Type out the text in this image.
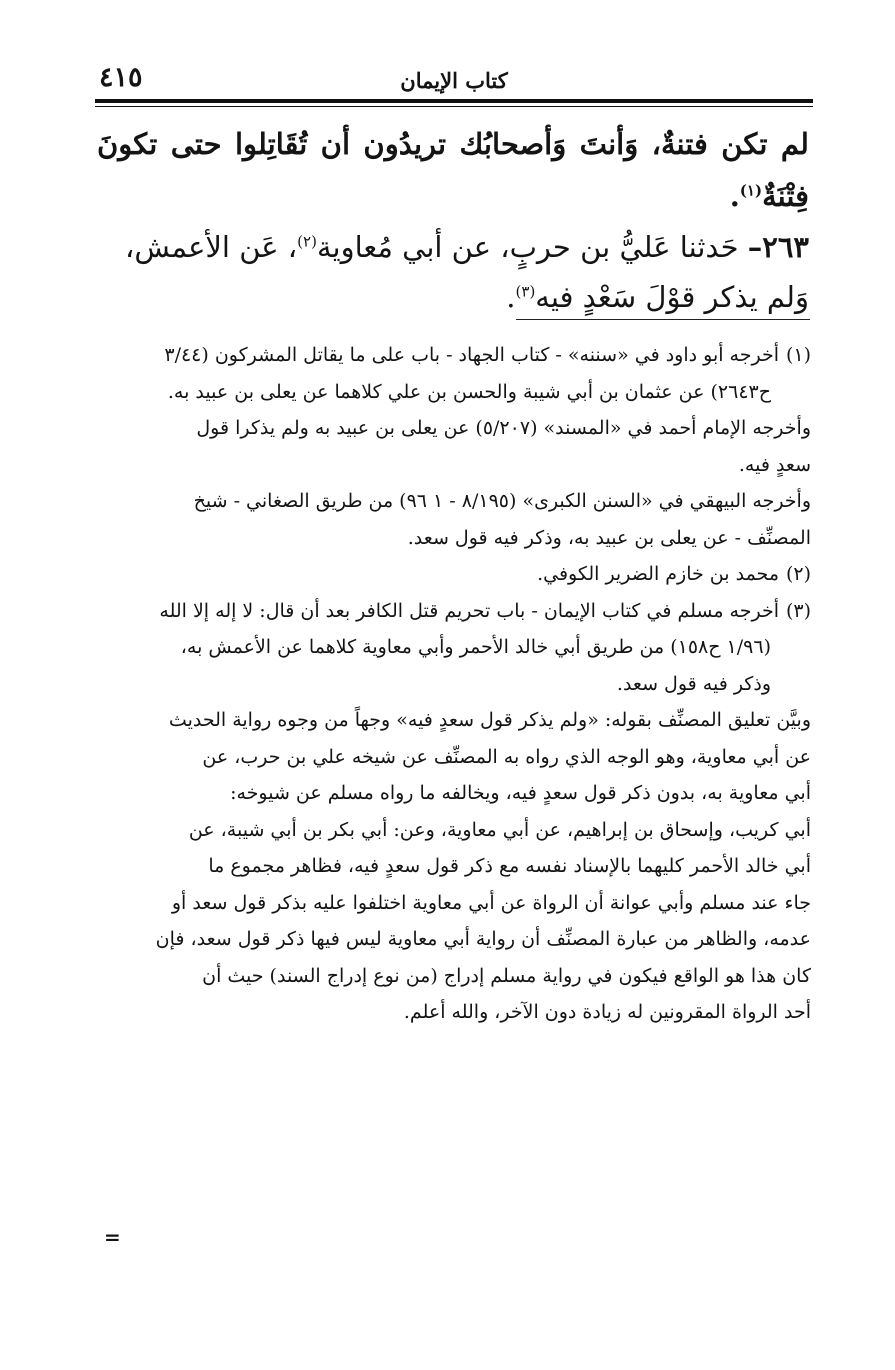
٤١٥	كتاب الإيمان

لم تكن فتنةٌ، وَأنتَ وَأصحابُك تريدُون أن تُقَاتِلوا حتى تكونَ فِتْنَةٌ$^{(١)}$.

٢٦٣– حَدثنا عَليُّ بن حربٍ، عن أبي مُعاوية$^{(٢)}$، عَن الأعمش،

وَلم يذكر قوْلَ سَعْدٍ فيه$^{(٣)}$.

(١)أخرجه أبو داود في «سننه» - كتاب الجهاد - باب على ما يقاتل المشركون (٣/٤٤

ح٢٦٤٣) عن عثمان بن أبي شيبة والحسن بن علي كلاهما عن يعلى بن عبيد به.

وأخرجه الإمام أحمد في «المسند» (٥/٢٠٧) عن يعلى بن عبيد به ولم يذكرا قول

سعدٍ فيه.

وأخرجه البيهقي في «السنن الكبرى» (٨/١٩٥ - ١ ٩٦) من طريق الصغاني - شيخ

المصنِّف - عن يعلى بن عبيد به، وذكر فيه قول سعد.

(٢)محمد بن خازم الضرير الكوفي.

(٣)أخرجه مسلم في كتاب الإيمان - باب تحريم قتل الكافر بعد أن قال: لا إله إلا الله

(١/٩٦ ح١٥٨) من طريق أبي خالد الأحمر وأبي معاوية كلاهما عن الأعمش به،

وذكر فيه قول سعد.

وبيَّن تعليق المصنِّف بقوله: «ولم يذكر قول سعدٍ فيه» وجهاً من وجوه رواية الحديث

عن أبي معاوية، وهو الوجه الذي رواه به المصنِّف عن شيخه علي بن حرب، عن

أبي معاوية به، بدون ذكر قول سعدٍ فيه، ويخالفه ما رواه مسلم عن شيوخه:

أبي كريب، وإسحاق بن إبراهيم، عن أبي معاوية، وعن: أبي بكر بن أبي شيبة، عن

أبي خالد الأحمر كليهما بالإسناد نفسه مع ذكر قول سعدٍ فيه، فظاهر مجموع ما

جاء عند مسلم وأبي عوانة أن الرواة عن أبي معاوية اختلفوا عليه بذكر قول سعد أو

عدمه، والظاهر من عبارة المصنِّف أن رواية أبي معاوية ليس فيها ذكر قول سعد، فإن

كان هذا هو الواقع فيكون في رواية مسلم إدراج (من نوع إدراج السند) حيث أن

أحد الرواة المقرونين له زيادة دون الآخر، والله أعلم.

=
